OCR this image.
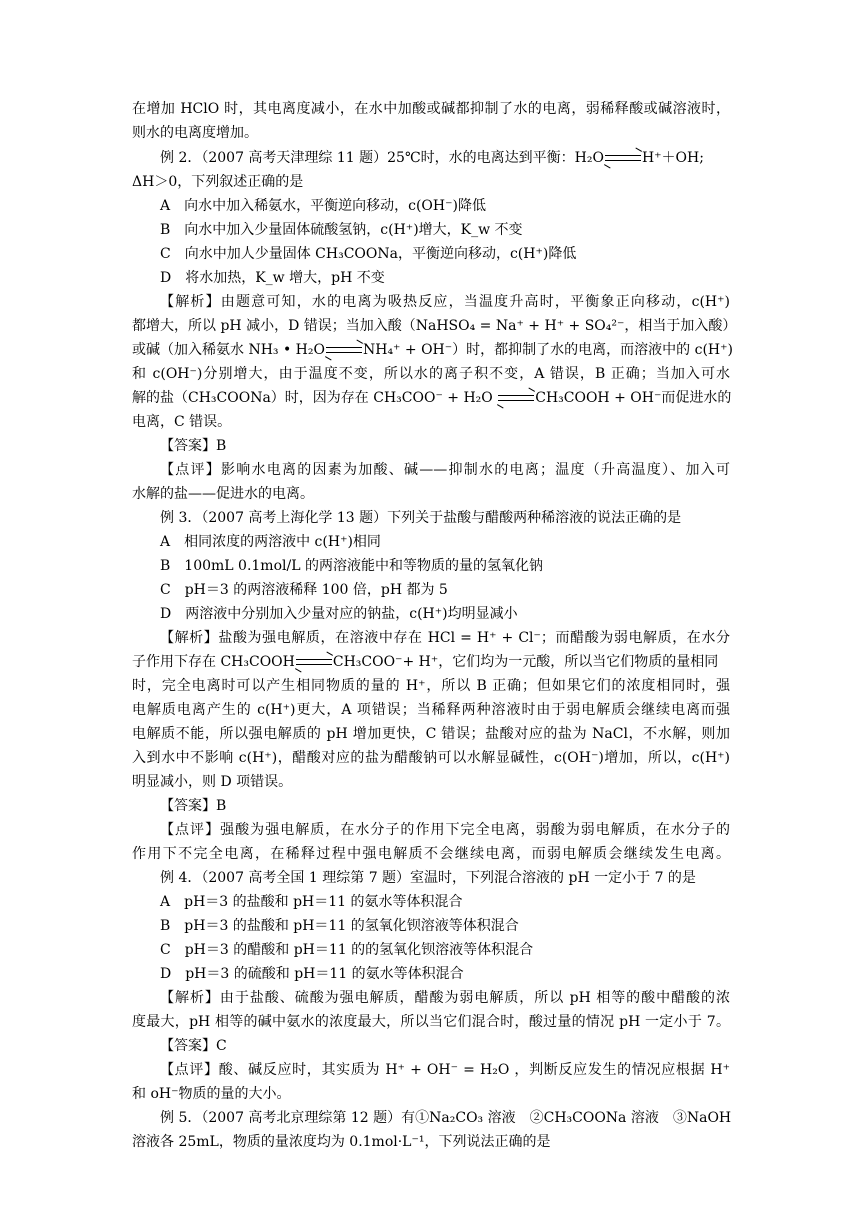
在增加 HClO 时，其电离度减小，在水中加酸或碱都抑制了水的电离，弱稀释酸或碱溶液时，
则水的电离度增加。
例 2．（2007 高考天津理综 11 题）25℃时，水的电离达到平衡：H₂O→H⁺＋OH;
ΔH＞0，下列叙述正确的是
A　向水中加入稀氨水，平衡逆向移动，c(OH⁻)降低
B　向水中加入少量固体硫酸氢钠，c(H⁺)增大，K_w 不变
C　向水中加人少量固体 CH₃COONa，平衡逆向移动，c(H⁺)降低
D　将水加热，K_w 增大，pH 不变
【解析】由题意可知，水的电离为吸热反应，当温度升高时，平衡象正向移动，c(H⁺)
都增大，所以 pH 减小，D 错误；当加入酸（NaHSO₄ = Na⁺ + H⁺ + SO₄²⁻，相当于加入酸）
或碱（加入稀氨水 NH₃ • H₂O→NH₄⁺ + OH⁻）时，都抑制了水的电离，而溶液中的 c(H⁺)
和 c(OH⁻)分别增大，由于温度不变，所以水的离子积不变，A 错误，B 正确；当加入可水
解的盐（CH₃COONa）时，因为存在 CH₃COO⁻ + H₂O →CH₃COOH + OH⁻而促进水的
电离，C 错误。
【答案】B
【点评】影响水电离的因素为加酸、碱——抑制水的电离；温度（升高温度）、加入可
水解的盐——促进水的电离。
例 3．（2007 高考上海化学 13 题）下列关于盐酸与醋酸两种稀溶液的说法正确的是
A　相同浓度的两溶液中 c(H⁺)相同
B　100mL 0.1mol/L 的两溶液能中和等物质的量的氢氧化钠
C　pH＝3 的两溶液稀释 100 倍，pH 都为 5
D　两溶液中分别加入少量对应的钠盐，c(H⁺)均明显减小
【解析】盐酸为强电解质，在溶液中存在 HCl = H⁺ + Cl⁻；而醋酸为弱电解质，在水分
子作用下存在 CH₃COOH→CH₃COO⁻+ H⁺，它们均为一元酸，所以当它们物质的量相同
时，完全电离时可以产生相同物质的量的 H⁺，所以 B 正确；但如果它们的浓度相同时，强
电解质电离产生的 c(H⁺)更大，A 项错误；当稀释两种溶液时由于弱电解质会继续电离而强
电解质不能，所以强电解质的 pH 增加更快，C 错误；盐酸对应的盐为 NaCl，不水解，则加
入到水中不影响 c(H⁺)，醋酸对应的盐为醋酸钠可以水解显碱性，c(OH⁻)增加，所以，c(H⁺)
明显减小，则 D 项错误。
【答案】B
【点评】强酸为强电解质，在水分子的作用下完全电离，弱酸为弱电解质，在水分子的
作用下不完全电离，在稀释过程中强电解质不会继续电离，而弱电解质会继续发生电离。
例 4．（2007 高考全国 1 理综第 7 题）室温时，下列混合溶液的 pH 一定小于 7 的是
A　pH＝3 的盐酸和 pH＝11 的氨水等体积混合
B　pH＝3 的盐酸和 pH＝11 的氢氧化钡溶液等体积混合
C　pH＝3 的醋酸和 pH＝11 的的氢氧化钡溶液等体积混合
D　pH＝3 的硫酸和 pH＝11 的氨水等体积混合
【解析】由于盐酸、硫酸为强电解质，醋酸为弱电解质，所以 pH 相等的酸中醋酸的浓
度最大，pH 相等的碱中氨水的浓度最大，所以当它们混合时，酸过量的情况 pH 一定小于 7。
【答案】C
【点评】酸、碱反应时，其实质为 H⁺ + OH⁻ = H₂O ，判断反应发生的情况应根据 H⁺
和 oH⁻物质的量的大小。
例 5．（2007 高考北京理综第 12 题）有①Na₂CO₃ 溶液　②CH₃COONa 溶液　③NaOH
溶液各 25mL，物质的量浓度均为 0.1mol·L⁻¹，下列说法正确的是
